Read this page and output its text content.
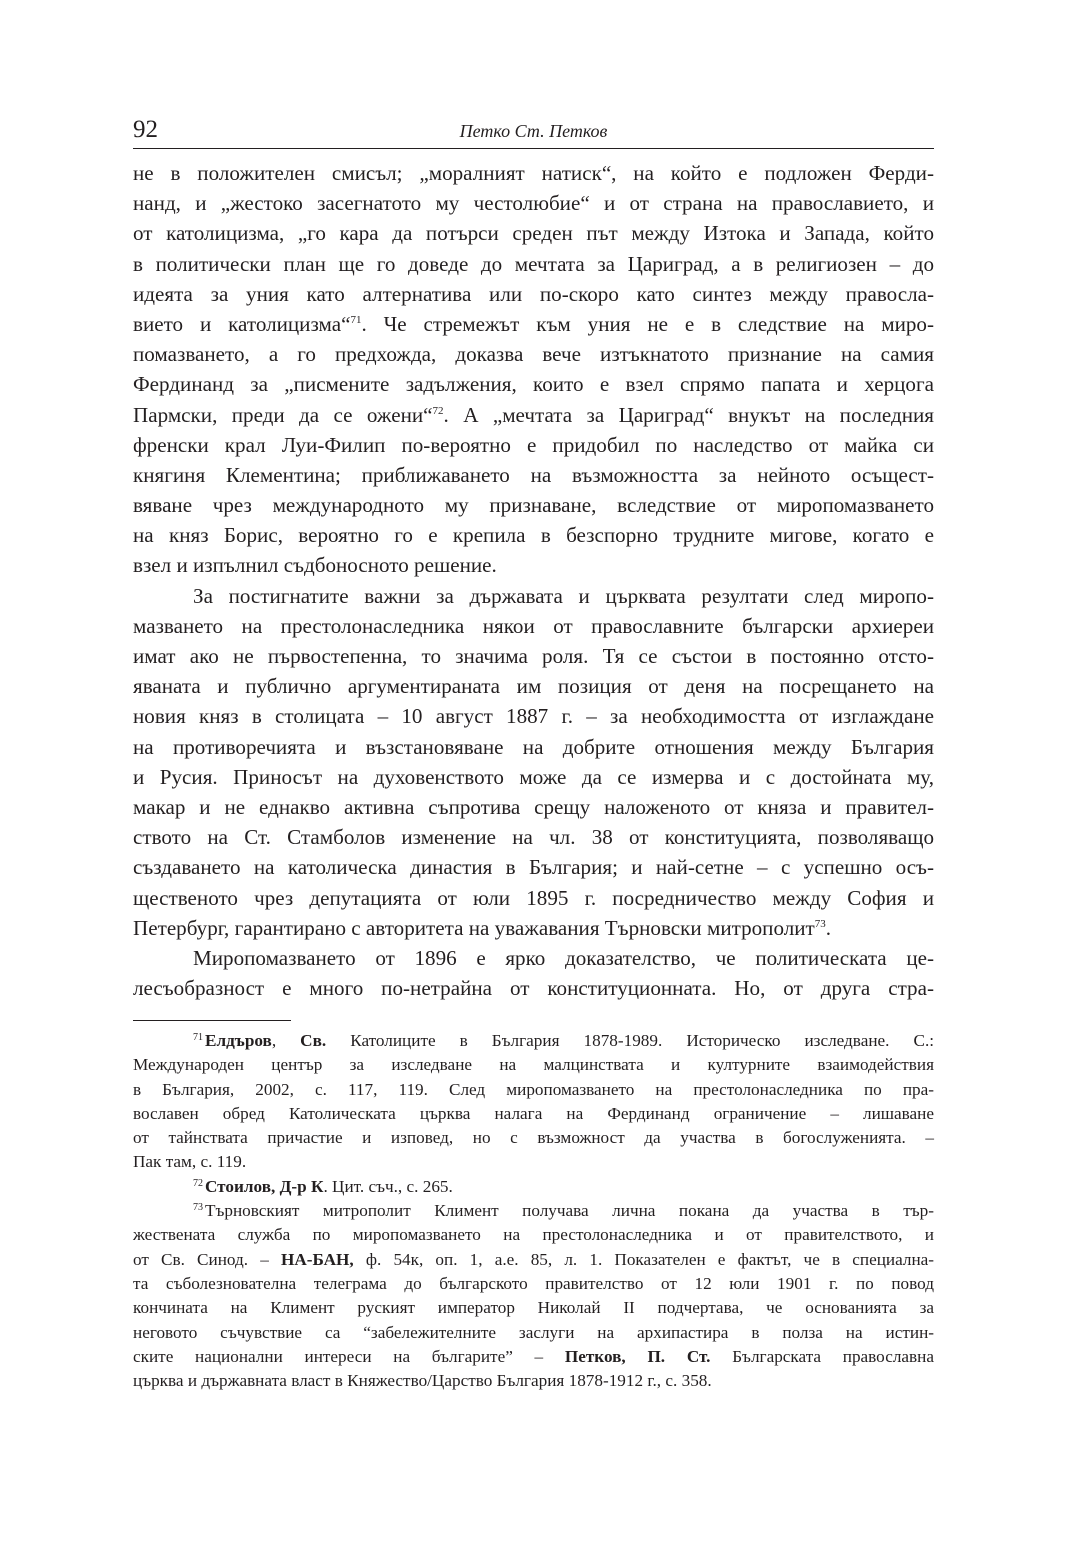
92	Петко Ст. Петков
не в положителен смисъл; „моралният натиск“, на който е подложен Ферди-
нанд, и „жестоко засегнатото му честолюбие“ и от страна на православието, и
от католицизма, „го кара да потърси среден път между Изтока и Запада, който
в политически план ще го доведе до мечтата за Цариград, а в религиозен – до
идеята за уния като алтернатива или по-скоро като синтез между правосла-
вието и католицизма“$^{71}$. Че стремежът към уния не е в следствие на миро-
помазването, а го предхожда, доказва вече изтъкнатото признание на самия
Фердинанд за „писмените задължения, които е взел спрямо папата и херцога
Пармски, преди да се ожени“$^{72}$. А „мечтата за Цариград“ внукът на последния
френски крал Луи-Филип по-вероятно е придобил по наследство от майка си
княгиня Клементина; приближаването на възможността за нейното осъщест-
вяване чрез международното му признаване, вследствие от миропомазването
на княз Борис, вероятно го е крепила в безспорно трудните мигове, когато е
взел и изпълнил съдбоносното решение.
За постигнатите важни за държавата и църквата резултати след миропо-
мазването на престолонаследника някои от православните български архиереи
имат ако не първостепенна, то значима роля. Тя се състои в постоянно отсто-
яваната и публично аргументираната им позиция от деня на посрещането на
новия княз в столицата – 10 август 1887 г. – за необходимостта от изглаждане
на противоречията и възстановяване на добрите отношения между България
и Русия. Приносът на духовенството може да се измерва и с достойната му,
макар и не еднакво активна съпротива срещу наложеното от княза и правител-
ството на Ст. Стамболов изменение на чл. 38 от конституцията, позволяващо
създаването на католическа династия в България; и най-сетне – с успешно осъ-
щественото чрез депутацията от юли 1895 г. посредничество между София и
Петербург, гарантирано с авторитета на уважавания Търновски митрополит$^{73}$.
Миропомазването от 1896 е ярко доказателство, че политическата це-
лесъобразност е много по-нетрайна от конституционната. Но, от друга стра-
$^{71}$ Елдъров, Св. Католиците в България 1878-1989. Историческо изследване. С.:
Международен център за изследване на малцинствата и културните взаимодействия
в България, 2002, с. 117, 119. След миропомазването на престолонаследника по пра-
вославен обред Католическата църква налага на Фердинанд ограничение – лишаване
от тайнствата причастие и изповед, но с възможност да участва в богослуженията. –
Пак там, с. 119.
$^{72}$ Стоилов, Д-р К. Цит. съч., с. 265.
$^{73}$ Търновският митрополит Климент получава лична покана да участва в тър-
жествената служба по миропомазването на престолонаследника и от правителството, и
от Св. Синод. – НА-БАН, ф. 54к, оп. 1, а.е. 85, л. 1. Показателен е фактът, че в специална-
та съболезнователна телеграма до българското правителство от 12 юли 1901 г. по повод
кончината на Климент руският император Николай II подчертава, че основанията за
неговото съчувствие са “забележителните заслуги на архипастира в полза на истин-
ските национални интереси на българите” – Петков, П. Ст. Българската православна
църква и държавната власт в Княжество/Царство България 1878-1912 г., с. 358.
